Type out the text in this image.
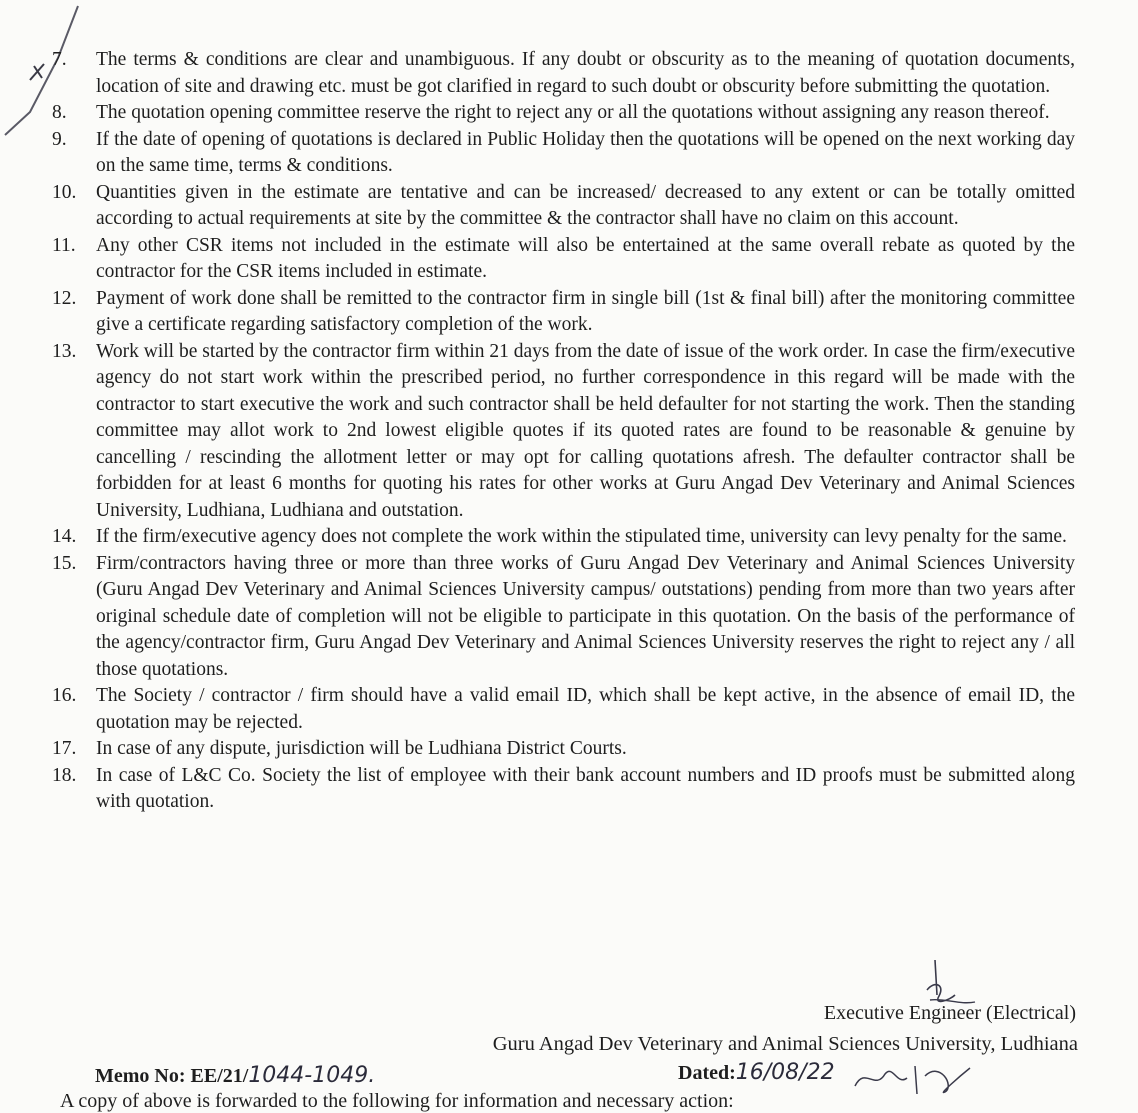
7.	The terms & conditions are clear and unambiguous. If any doubt or obscurity as to the meaning of quotation documents, location of site and drawing etc. must be got clarified in regard to such doubt or obscurity before submitting the quotation.
8.	The quotation opening committee reserve the right to reject any or all the quotations without assigning any reason thereof.
9.	If the date of opening of quotations is declared in Public Holiday then the quotations will be opened on the next working day on the same time, terms & conditions.
10.	Quantities given in the estimate are tentative and can be increased/ decreased to any extent or can be totally omitted according to actual requirements at site by the committee & the contractor shall have no claim on this account.
11.	Any other CSR items not included in the estimate will also be entertained at the same overall rebate as quoted by the contractor for the CSR items included in estimate.
12.	Payment of work done shall be remitted to the contractor firm in single bill (1st & final bill) after the monitoring committee give a certificate regarding satisfactory completion of the work.
13.	Work will be started by the contractor firm within 21 days from the date of issue of the work order. In case the firm/executive agency do not start work within the prescribed period, no further correspondence in this regard will be made with the contractor to start executive the work and such contractor shall be held defaulter for not starting the work. Then the standing committee may allot work to 2nd lowest eligible quotes if its quoted rates are found to be reasonable & genuine by cancelling / rescinding the allotment letter or may opt for calling quotations afresh. The defaulter contractor shall be forbidden for at least 6 months for quoting his rates for other works at Guru Angad Dev Veterinary and Animal Sciences University, Ludhiana, Ludhiana and outstation.
14.	If the firm/executive agency does not complete the work within the stipulated time, university can levy penalty for the same.
15.	Firm/contractors having three or more than three works of Guru Angad Dev Veterinary and Animal Sciences University (Guru Angad Dev Veterinary and Animal Sciences University campus/ outstations) pending from more than two years after original schedule date of completion will not be eligible to participate in this quotation. On the basis of the performance of the agency/contractor firm, Guru Angad Dev Veterinary and Animal Sciences University reserves the right to reject any / all those quotations.
16.	The Society / contractor / firm should have a valid email ID, which shall be kept active, in the absence of email ID, the quotation may be rejected.
17.	In case of any dispute, jurisdiction will be Ludhiana District Courts.
18.	In case of L&C Co. Society the list of employee with their bank account numbers and ID proofs must be submitted along with quotation.
Executive Engineer (Electrical)
Guru Angad Dev Veterinary and Animal Sciences University, Ludhiana
Memo No: EE/21/1044-1049.	Dated:16/08/22
A copy of above is forwarded to the following for information and necessary action:
